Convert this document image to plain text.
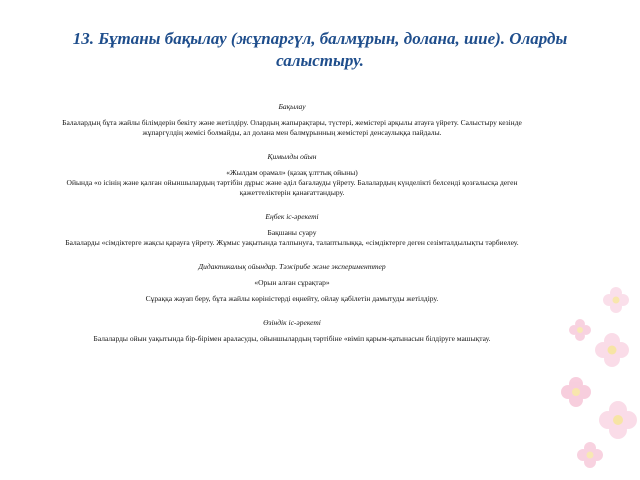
13. Бұтаны бақылау (жұпаргүл, балмұрын, долана, шие). Оларды салыстыру.

Бақылау

Балалардың бұта жайлы білімдерін бекіту және жетілдіру. Олардың жапырақтары, түстері, жемістері арқылы атауға үйрету. Салыстыру кезінде жұпаргүлдің жемісі болмайды, ал долана мен балмұрынның жемістері денсаулыққа пайдалы.

Қимылды ойын

«Жылдам орамал» (қазақ ұлттық ойыны)

Ойында «о ісінің және қалған ойыншылардың тәртібін дұрыс және әділ бағалауды үйрету. Балалардың күнделікті белсенді қозғалысқа деген қажеттеліктерін қанағаттандыру.

Еңбек іс-әрекеті

Бақшаны суару

Балаларды «сімдіктерге жақсы қарауға үйрету. Жұмыс уақытында талпынуға, талаптылыққа, «сімдіктерге деген сезімталдылықты тәрбиелеу.

Дидактикалық ойындар. Тәжірибе және эксперименттер

«Орын алған сұрақтар»

Сұраққа жауап беру, бұта жайлы көріністерді еңнейту, ойлау қабілетін дамытуды жетілдіру.

Өзіндік іс-әрекеті

Балаларды ойын уақытында бір-бірімен араласуды, ойыншылардың тәртібіне «віміп қарым-қатынасын білдіруге машықтау.
